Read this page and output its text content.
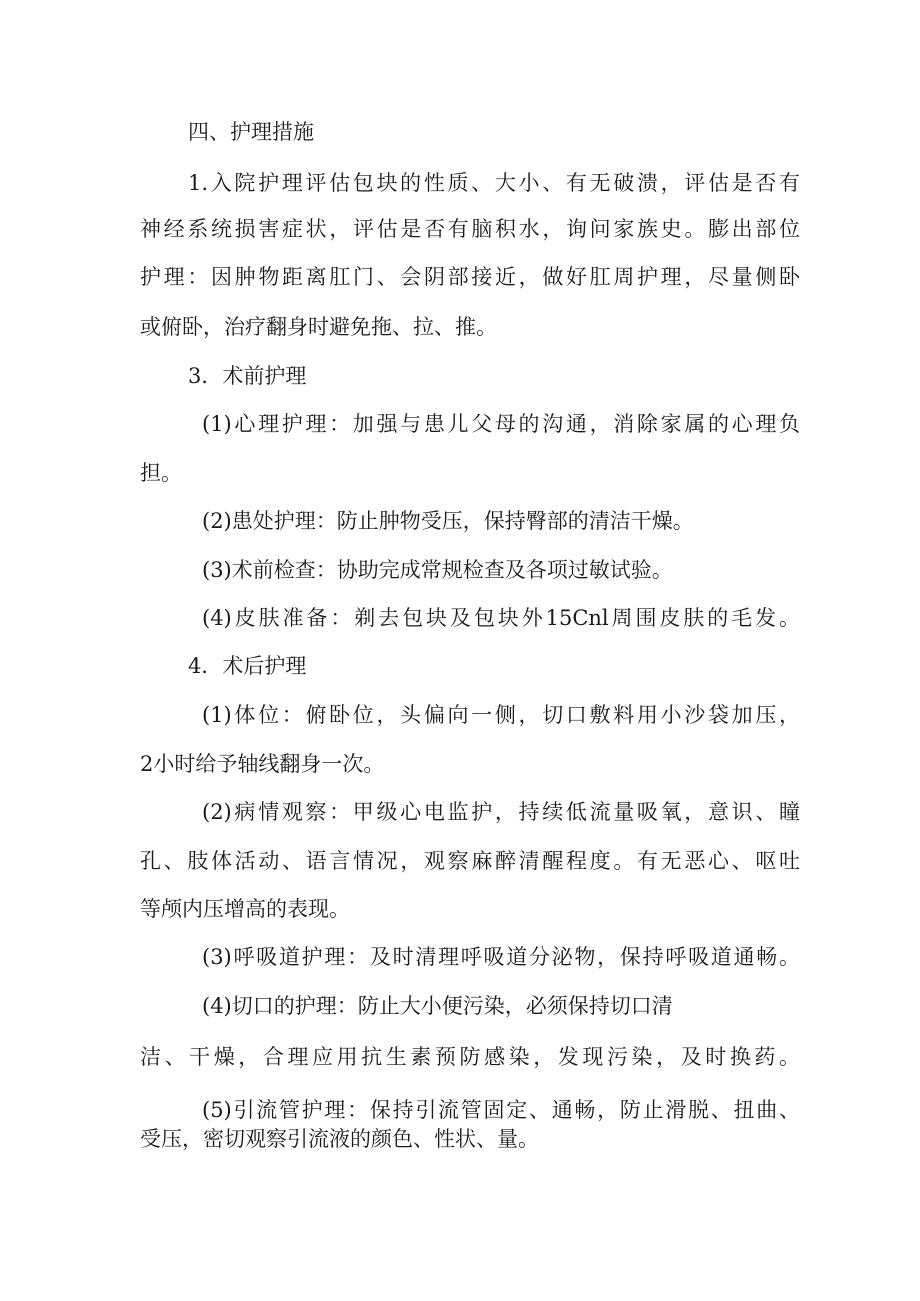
四、护理措施
1.入院护理评估包块的性质、大小、有无破溃，评估是否有
神经系统损害症状，评估是否有脑积水，询问家族史。膨出部位
护理：因肿物距离肛门、会阴部接近，做好肛周护理，尽量侧卧
或俯卧，治疗翻身时避免拖、拉、推。
3．术前护理
(1)心理护理：加强与患儿父母的沟通，消除家属的心理负
担。
(2)患处护理：防止肿物受压，保持臀部的清洁干燥。
(3)术前检查：协助完成常规检查及各项过敏试验。
(4)皮肤准备：剃去包块及包块外15Cnl周围皮肤的毛发。
4．术后护理
(1)体位：俯卧位，头偏向一侧，切口敷料用小沙袋加压，
2小时给予轴线翻身一次。
(2)病情观察：甲级心电监护，持续低流量吸氧，意识、瞳
孔、肢体活动、语言情况，观察麻醉清醒程度。有无恶心、呕吐
等颅内压增高的表现。
(3)呼吸道护理：及时清理呼吸道分泌物，保持呼吸道通畅。
(4)切口的护理：防止大小便污染，必须保持切口清
洁、干燥，合理应用抗生素预防感染，发现污染，及时换药。
(5)引流管护理：保持引流管固定、通畅，防止滑脱、扭曲、
受压，密切观察引流液的颜色、性状、量。
